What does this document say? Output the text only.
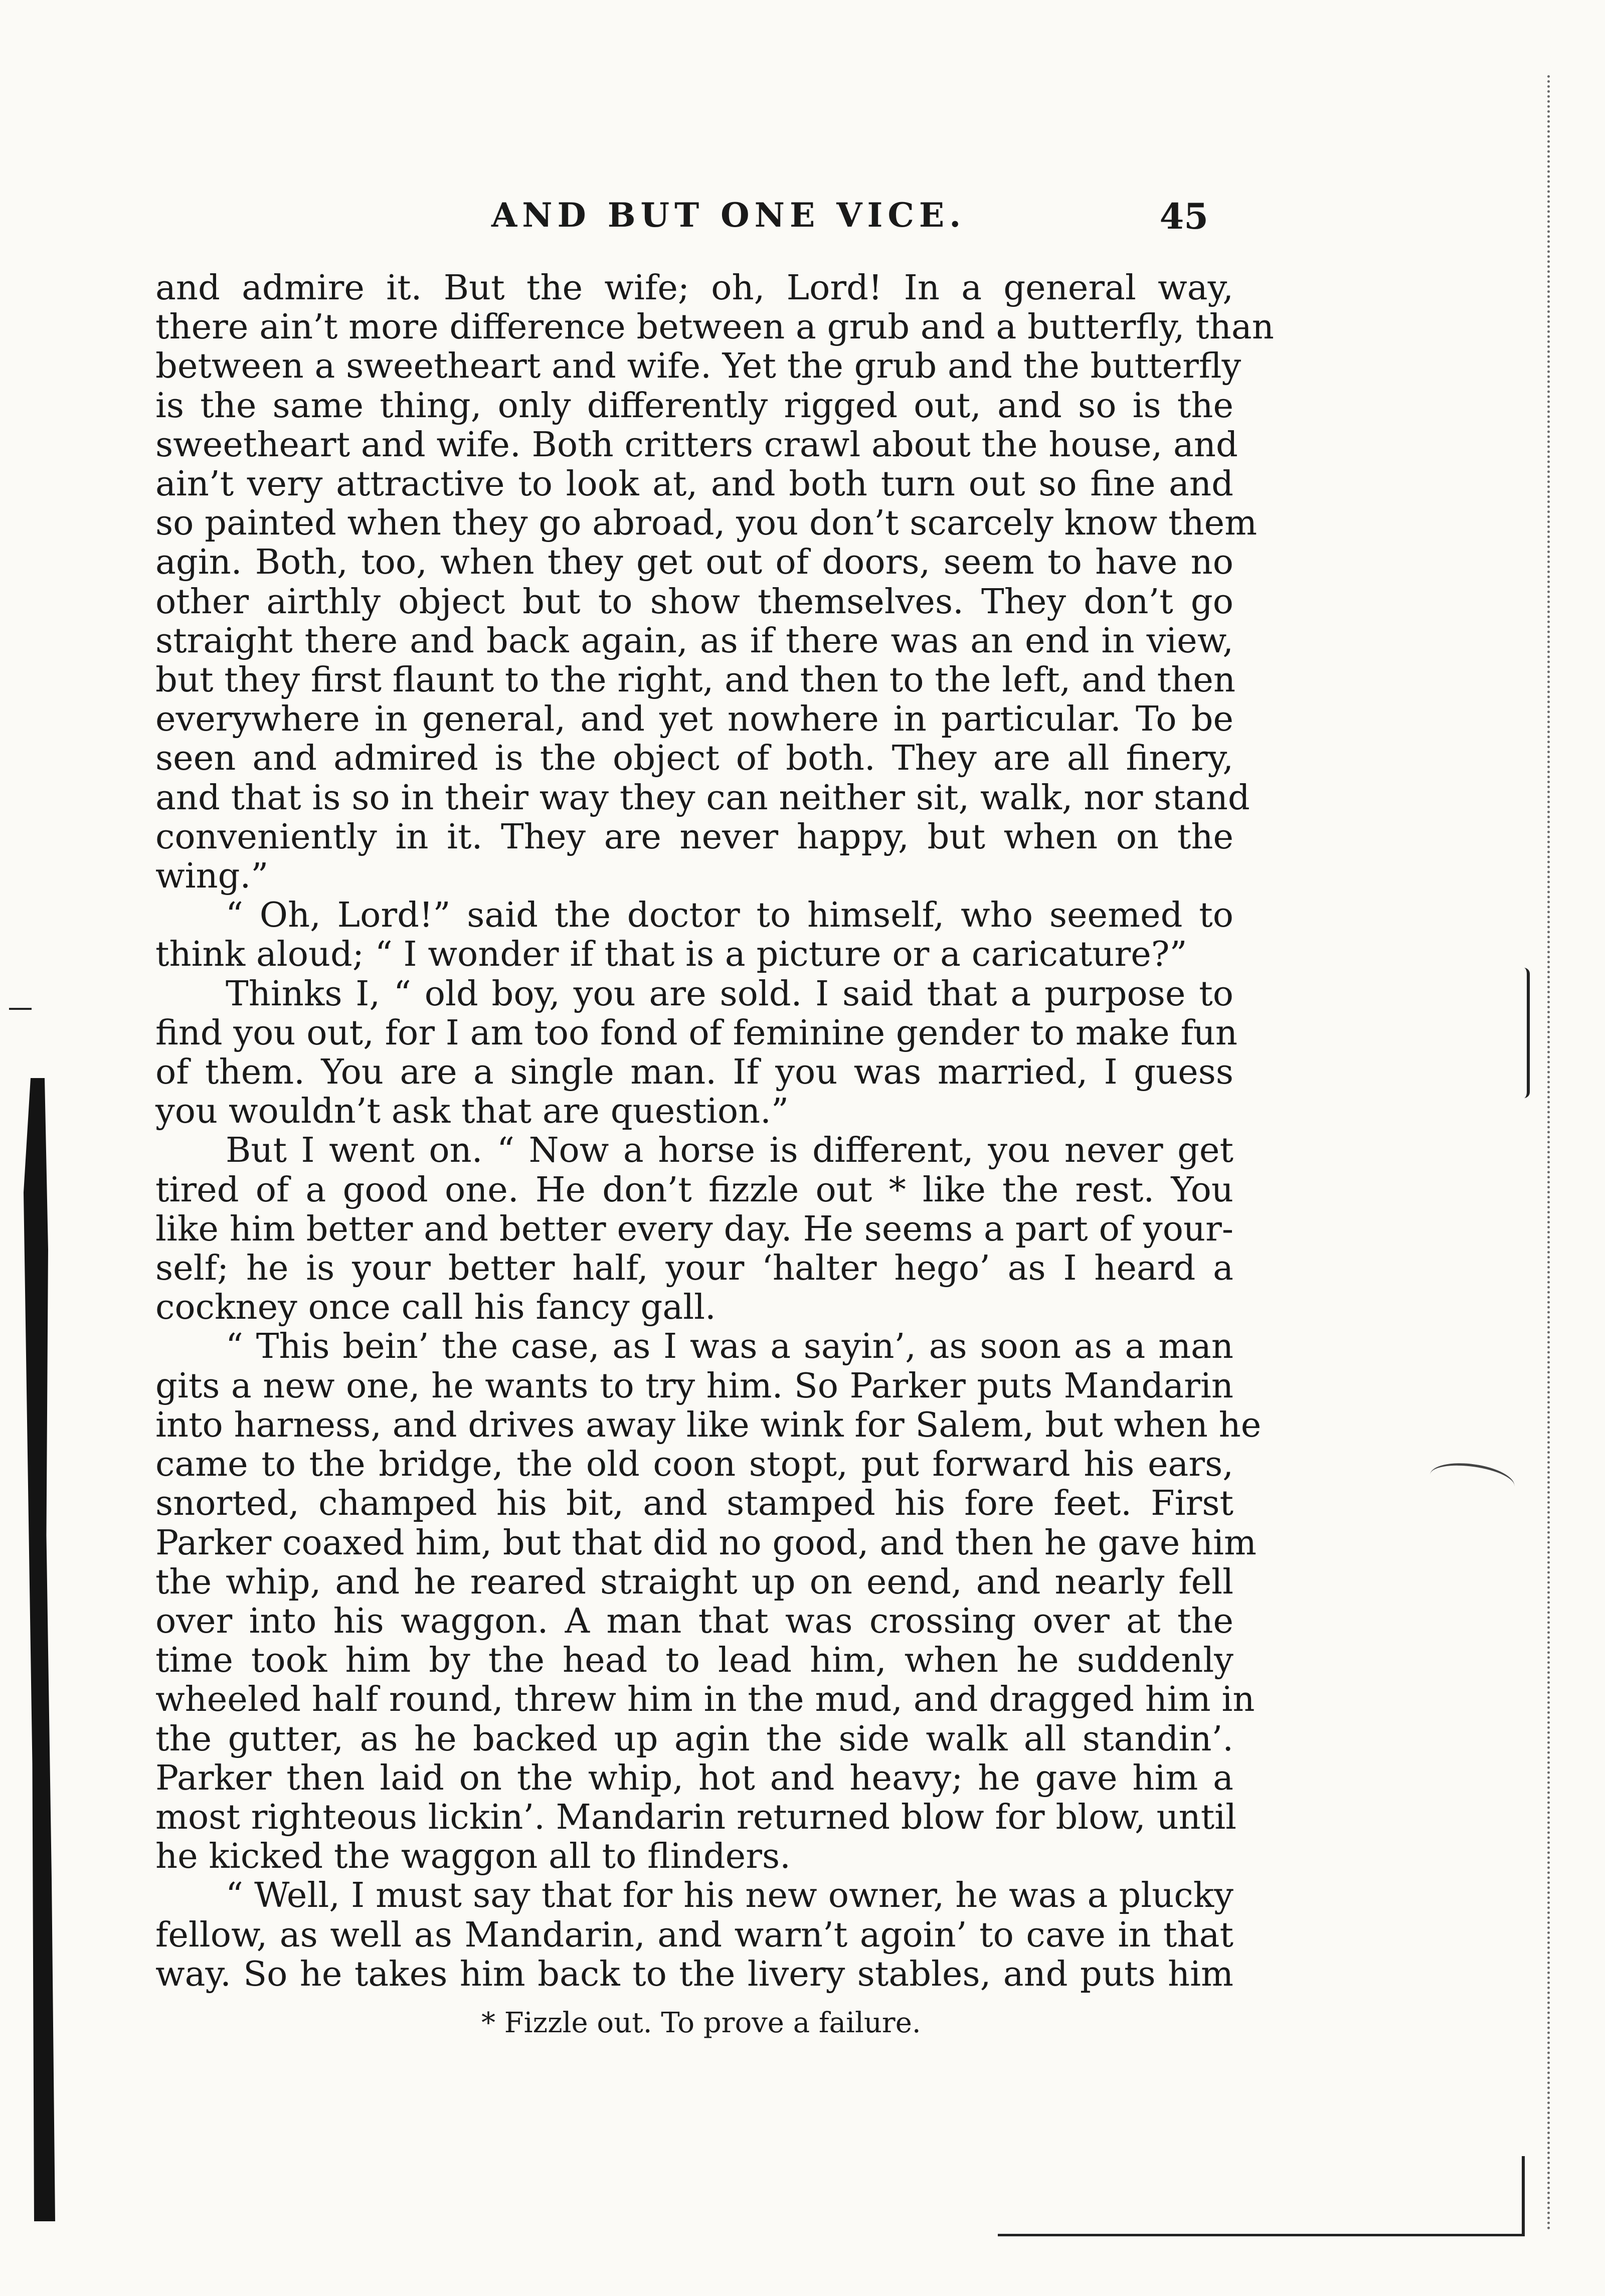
AND BUT ONE VICE.	45
and admire it. But the wife; oh, Lord! In a general way,
there ain’t more difference between a grub and a butterfly, than
between a sweetheart and wife. Yet the grub and the butterfly
is the same thing, only differently rigged out, and so is the
sweetheart and wife. Both critters crawl about the house, and
ain’t very attractive to look at, and both turn out so fine and
so painted when they go abroad, you don’t scarcely know them
agin. Both, too, when they get out of doors, seem to have no
other airthly object but to show themselves. They don’t go
straight there and back again, as if there was an end in view,
but they first flaunt to the right, and then to the left, and then
everywhere in general, and yet nowhere in particular. To be
seen and admired is the object of both. They are all finery,
and that is so in their way they can neither sit, walk, nor stand
conveniently in it. They are never happy, but when on the
wing.”
“ Oh, Lord!” said the doctor to himself, who seemed to
think aloud; “ I wonder if that is a picture or a caricature?”
Thinks I, “ old boy, you are sold. I said that a purpose to
find you out, for I am too fond of feminine gender to make fun
of them. You are a single man. If you was married, I guess
you wouldn’t ask that are question.”
But I went on. “ Now a horse is different, you never get
tired of a good one. He don’t fizzle out * like the rest. You
like him better and better every day. He seems a part of your-
self; he is your better half, your ‘halter hego’ as I heard a
cockney once call his fancy gall.
“ This bein’ the case, as I was a sayin’, as soon as a man
gits a new one, he wants to try him. So Parker puts Mandarin
into harness, and drives away like wink for Salem, but when he
came to the bridge, the old coon stopt, put forward his ears,
snorted, champed his bit, and stamped his fore feet. First
Parker coaxed him, but that did no good, and then he gave him
the whip, and he reared straight up on eend, and nearly fell
over into his waggon. A man that was crossing over at the
time took him by the head to lead him, when he suddenly
wheeled half round, threw him in the mud, and dragged him in
the gutter, as he backed up agin the side walk all standin’.
Parker then laid on the whip, hot and heavy; he gave him a
most righteous lickin’. Mandarin returned blow for blow, until
he kicked the waggon all to flinders.
“ Well, I must say that for his new owner, he was a plucky
fellow, as well as Mandarin, and warn’t agoin’ to cave in that
way. So he takes him back to the livery stables, and puts him
* Fizzle out. To prove a failure.
